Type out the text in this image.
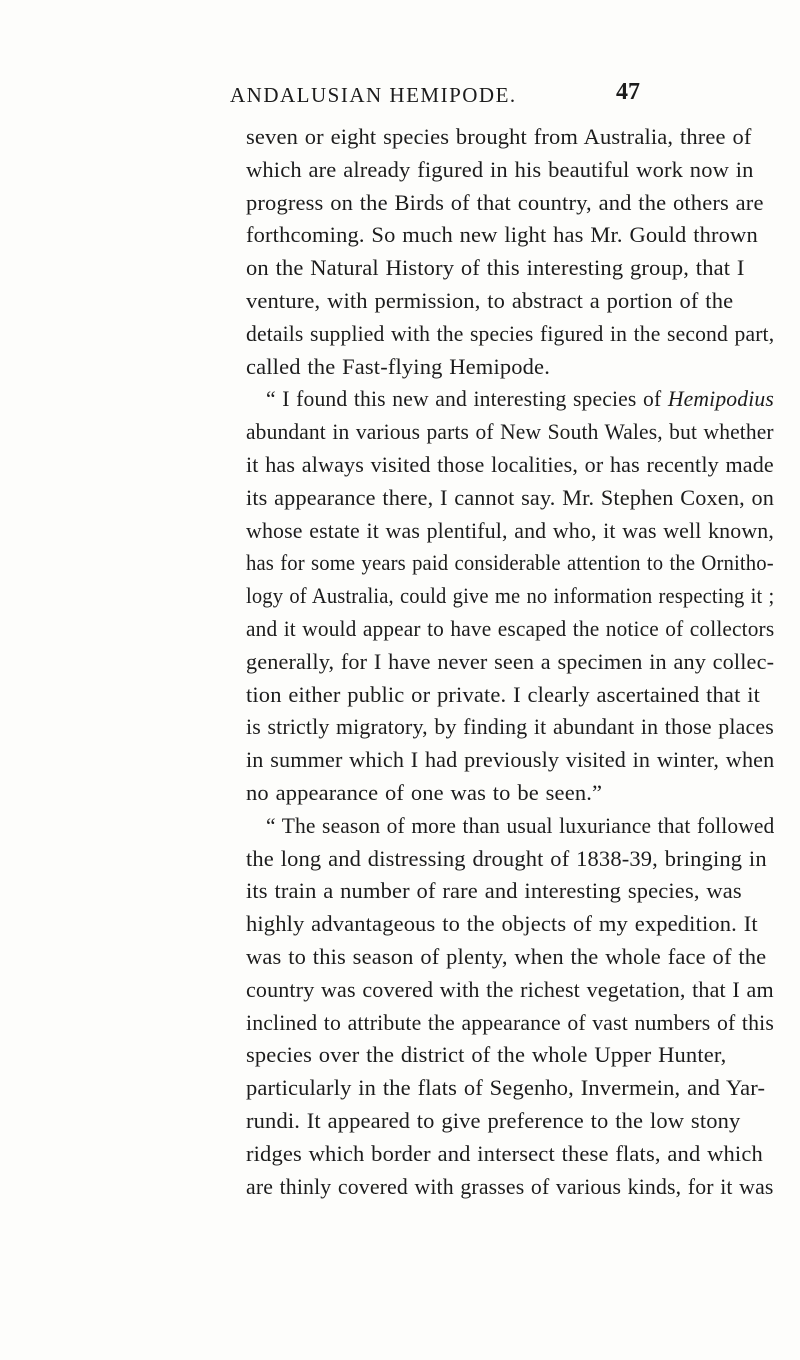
ANDALUSIAN HEMIPODE.	47
seven or eight species brought from Australia, three of
which are already figured in his beautiful work now in
progress on the Birds of that country, and the others are
forthcoming. So much new light has Mr. Gould thrown
on the Natural History of this interesting group, that I
venture, with permission, to abstract a portion of the
details supplied with the species figured in the second part,
called the Fast-flying Hemipode.
“ I found this new and interesting species of Hemipodius
abundant in various parts of New South Wales, but whether
it has always visited those localities, or has recently made
its appearance there, I cannot say. Mr. Stephen Coxen, on
whose estate it was plentiful, and who, it was well known,
has for some years paid considerable attention to the Ornitho-
logy of Australia, could give me no information respecting it ;
and it would appear to have escaped the notice of collectors
generally, for I have never seen a specimen in any collec-
tion either public or private. I clearly ascertained that it
is strictly migratory, by finding it abundant in those places
in summer which I had previously visited in winter, when
no appearance of one was to be seen.”
“ The season of more than usual luxuriance that followed
the long and distressing drought of 1838-39, bringing in
its train a number of rare and interesting species, was
highly advantageous to the objects of my expedition. It
was to this season of plenty, when the whole face of the
country was covered with the richest vegetation, that I am
inclined to attribute the appearance of vast numbers of this
species over the district of the whole Upper Hunter,
particularly in the flats of Segenho, Invermein, and Yar-
rundi. It appeared to give preference to the low stony
ridges which border and intersect these flats, and which
are thinly covered with grasses of various kinds, for it was
